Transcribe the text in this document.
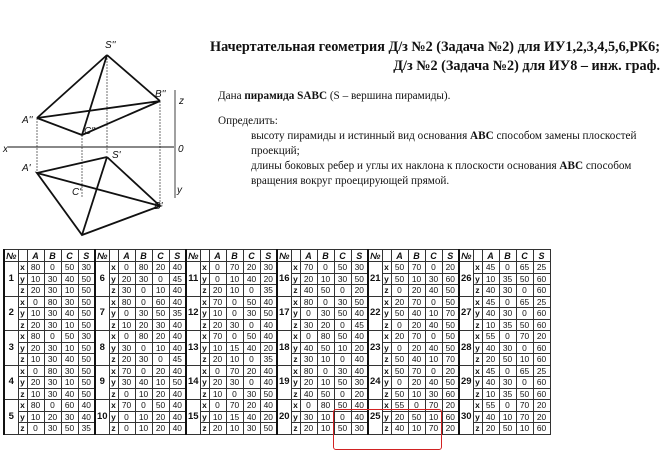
S''
B''
A''
C''
S'
A'
B'
C'
x	0
z
y
Начертательная геометрия Д/з №2 (Задача №2) для ИУ1,2,3,4,5,6,РК6;
Д/з №2 (Задача №2) для ИУ8 – инж. граф.

Дана пирамида SABC (S – вершина пирамиды).

Определить:

высоту пирамиды и истинный вид основания ABC способом замены плоскостей проекций;

длины боковых ребер и углы их наклона к плоскости основания ABC способом вращения вокруг проецирующей прямой.

№		A	B	C	S	№		A	B	C	S	№		A	B	C	S	№		A	B	C	S	№		A	B	C	S	№		A	B	C	S
1	x	80	0	50	30	6	x	0	80	20	40	11	x	0	70	20	30	16	x	70	0	50	30	21	x	50	70	0	20	26	x	45	0	65	25
	y	10	30	40	50		y	20	30	0	45		y	0	10	40	20		y	20	10	30	50		y	50	10	30	60		y	10	35	50	60
	z	20	30	10	50		z	30	0	10	40		z	20	10	0	35		z	40	50	0	20		z	0	20	40	50		z	40	30	0	60
2	x	0	80	30	50	7	x	80	0	60	40	12	x	70	0	50	40	17	x	80	0	30	50	22	x	20	70	0	50	27	x	45	0	65	25
	y	10	30	40	50		y	0	30	50	35		y	10	0	30	50		y	0	30	50	40		y	50	40	10	70		y	40	30	0	60
	z	20	30	10	50		z	10	20	30	40		z	20	30	0	40		z	30	20	0	45		z	0	20	40	50		z	10	35	50	60
3	x	80	0	50	30	8	x	0	80	20	40	13	x	70	0	50	40	18	x	0	80	50	40	23	x	20	70	0	50	28	x	55	0	70	20
	y	20	30	10	50		y	30	0	10	40		y	10	15	40	20		y	40	50	10	20		y	0	20	40	50		y	40	30	0	60
	z	10	30	40	50		z	20	30	0	45		z	20	10	0	35		z	30	10	0	40		z	50	40	10	70		z	20	50	10	60
4	x	0	80	30	50	9	x	70	0	20	40	14	x	0	70	20	40	19	x	80	0	30	40	24	x	50	70	0	20	29	x	45	0	65	25
	y	20	30	10	50		y	30	40	10	50		y	20	30	0	40		y	20	10	50	30		y	0	20	40	50		y	40	30	0	60
	z	10	30	40	50		z	0	10	20	40		z	10	0	30	50		z	40	50	0	20		z	50	10	30	60		z	10	35	50	60
5	x	80	0	60	40	10	x	70	0	50	40	15	x	0	70	20	40	20	x	0	80	50	40	25	x	55	0	70	20	30	x	55	0	70	20
	y	10	20	30	40		y	0	10	20	40		y	10	15	40	20		y	30	10	0	40		y	20	50	10	60		y	40	10	70	20
	z	0	30	50	35		z	0	10	20	40		z	20	10	30	50		z	20	10	50	30		z	40	10	70	20		z	20	50	10	60
